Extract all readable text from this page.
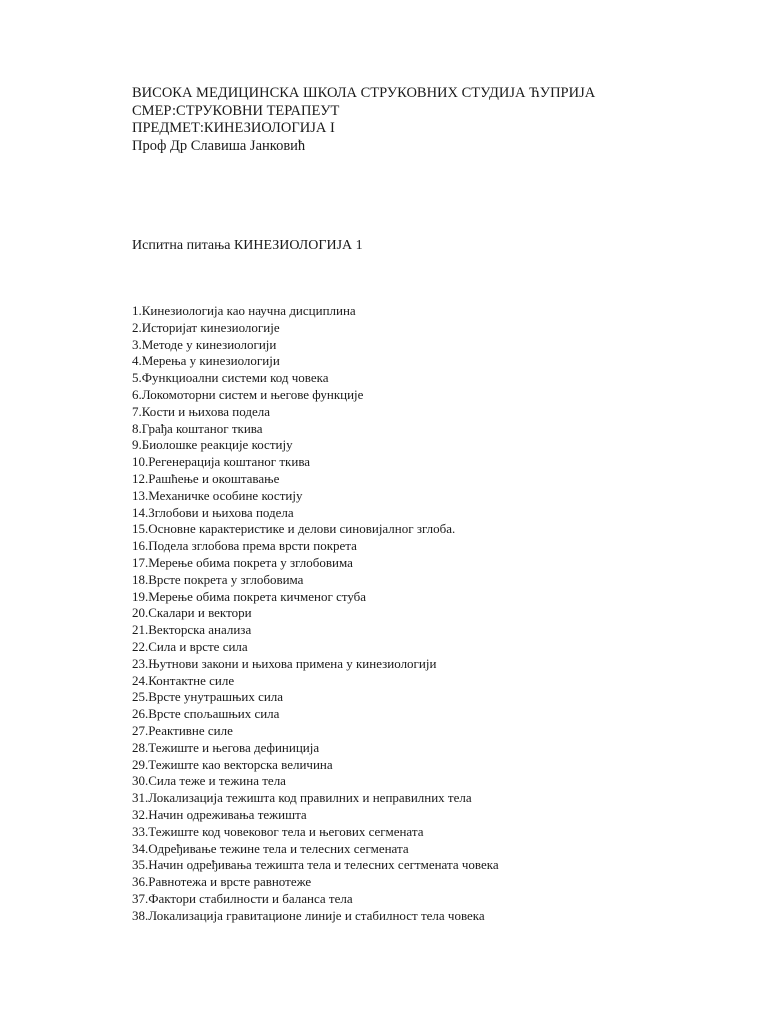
ВИСОКА МЕДИЦИНСКА ШКОЛА СТРУКОВНИХ СТУДИЈА ЋУПРИЈА
СМЕР:СТРУКОВНИ ТЕРАПЕУТ
ПРЕДМЕТ:КИНЕЗИОЛОГИЈА I
Проф Др Славиша Јанковић
Испитна питања КИНЕЗИОЛОГИЈА 1
1.Кинезиологија као научна дисциплина
2.Историјат кинезиологије
3.Методе у кинезиологији
4.Мерења у кинезиологији
5.Функциоални системи код човека
6.Локомоторни систем и његове функције
7.Кости и њихова подела
8.Грађа коштаног ткива
9.Биолошке реакције костију
10.Регенерација коштаног ткива
12.Рашћење и окоштавање
13.Механичке особине костију
14.Зглобови и њихова подела
15.Основне карактеристике и делови синовијалног зглоба.
16.Подела зглобова према врсти покрета
17.Мерење обима покрета у зглобовима
18.Врсте покрета у зглобовима
19.Мерење обима покрета кичменог стуба
20.Скалари и вектори
21.Векторска анализа
22.Сила и врсте сила
23.Њутнови закони и њихова примена у кинезиологији
24.Контактне силе
25.Врсте унутрашњих сила
26.Врсте спољашњих сила
27.Реактивне силе
28.Тежиште и његова дефиниција
29.Тежиште као векторска величина
30.Сила теже и тежина тела
31.Локализација тежишта код правилних и неправилних тела
32.Начин одреживања тежишта
33.Тежиште код човековог тела и његових сегмената
34.Одређивање тежине тела и телесних сегмената
35.Начин одређивања тежишта тела и телесних сегтмената човека
36.Равнотежа и врсте равнотеже
37.Фактори стабилности и баланса тела
38.Локализација гравитационе линије и стабилност тела човека
